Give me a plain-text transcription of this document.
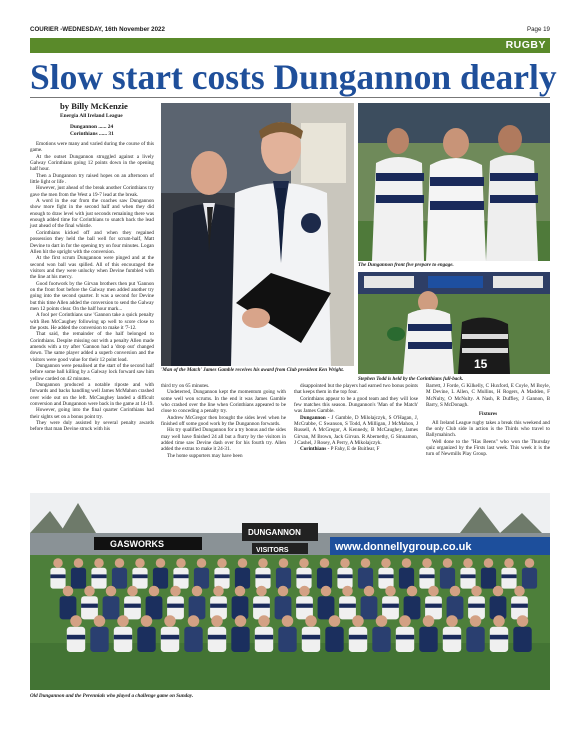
COURIER -WEDNESDAY, 16th November 2022	Page 19
RUGBY
Slow start costs Dungannon dearly
by Billy McKenzie
Energia All Ireland League
Dungannon ...... 24
Corinthians ...... 31

Emotions were many and varied during the course of this game.

At the outset Dungannon struggled against a lively Galway Corinthians going 12 points down in the opening half hour.

Then a Dungannon try raised hopes on an afternoon of little light or life .

However, just ahead of the break another Corinthians try gave the men from the West a 19-7 lead at the break.

A word in the ear from the coaches saw Dungannon show more fight in the second half and when they did enough to draw level with just seconds remaining there was enough added time for Corinthians to snatch back the lead just ahead of the final whistle.

Corinthians kicked off and when they regained possession they held the ball well for scrum-half, Matt Devine to dart in for the opening try on four minutes. Logan Allen hit the upright with the conversion.

At the first scrum Dungannon were pinged and at the second won ball was spilled. All of this encouraged the visitors and they were unlucky when Devine fumbled with the line at his mercy.

Good footwork by the Girvan brothers then put 'Gannon on the front foot before the Galway men added another try going into the second quarter. It was a second for Devine but this time Allen added the conversion to send the Galway men 12 points clear. On the half hour mark...

A fool per Corinthians saw 'Gannon take a quick penalty with Ben McCaughey following up well to score close to the posts. He added the conversion to make it '7-12.

That said, the remainder of the half belonged to Corinthians. Despite missing out with a penalty Allen made amends with a try after 'Gannon had a 'drop out' changed down. The same player added a superb conversion and the visitors were good value for their 12 point lead.

Dungannon were penalised at the start of the second half before some ball killing by a Galway lock forward saw him yellow carded on 42 minutes.

Dungannon produced a notable riposte and with forwards and backs handling well James McMahon crashed over wide out on the left. McCaughey landed a difficult conversion and Dungannon were back in the game at 14-19.

However, going into the final quarter Corinthians had their sights set on a bonus point try.

They were duly assisted by several penalty awards before that man Devine struck with his

'Man of the Match' James Gamble receives his award from Club president Ken Wright.
The Dungannon front five prepare to engage.
15
Stephen Todd is held by the Corinthians full-back.

third try on 65 minutes.

Undeterred, Dungannon kept the momentum going with some well won scrums. In the end it was James Gamble who crashed over the line when Corinthians appeared to be close to conceding a penalty try.

Andrew McGregor then brought the sides level when he finished off some good work by the Dungannon forwards.

His try qualified Dungannon for a try bonus and the sides may well have finished 24 all but a flurry by the visitors in added time saw Devine dash over for his fourth try. Allen added the extras to make it 24-31.

The home supporters may have been

disappointed but the players had earned two bonus points that keeps them in the top four.

Corinthians appear to be a good team and they will lose few matches this season. Dungannon's 'Man of the Match' was James Gamble.

Dungannon - J Gamble, D Milolajczyk, S O'Hagan, J, McCrabbe, C Swanson, S Todd, A Milligan, J McMahon, J Russell, A McGregor, A Kennedy, B McCaughey, James Girvan, M Brown, Jack Girvan. R Abernethy, G Sinnamon, J Cashel, J Rosey, A Perry, A Mikolajczyk.

Corinthians - P Fahy, E de Buitlear, F

Barrett, J Forde, G Kilkelly, C Huxford, E Coyle, M Boyle, M Devine, L Allen, C Mullins, H Rogers, A Madden, F McNulty, O McNulty. A Nash, R Duffley, J Gannon, B Barry, S McDonagh.

Fixtures

All Ireland League rugby takes a break this weekend and the only Club side in action is the Thirds who travel to Ballymahinch.

Well done to the "Has Beens" who won the Thursday quiz organized by the Firsts last week. This week it is the turn of Newmills Play Group.

GASWORKS
DUNGANNON
VISITORS	www.donnellygroup.co.uk
Old Dungannon and the Perennials who played a challenge game on Sunday.
